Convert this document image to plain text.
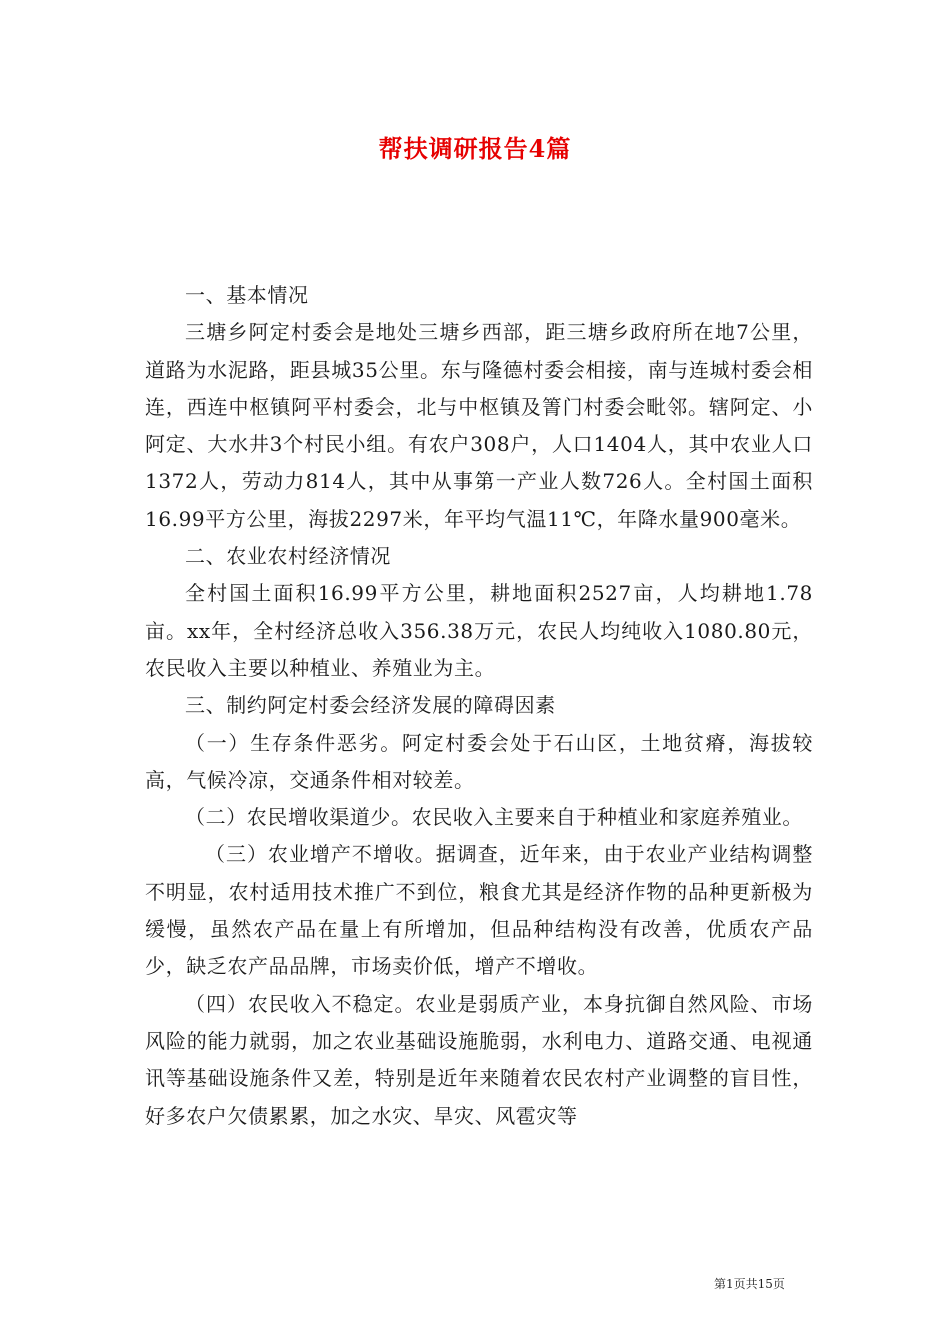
帮扶调研报告4篇

一、基本情况

三塘乡阿定村委会是地处三塘乡西部，距三塘乡政府所在地7公里，道路为水泥路，距县城35公里。东与隆德村委会相接，南与连城村委会相连，西连中枢镇阿平村委会，北与中枢镇及箐门村委会毗邻。辖阿定、小阿定、大水井3个村民小组。有农户308户，人口1404人，其中农业人口1372人，劳动力814人，其中从事第一产业人数726人。全村国土面积16.99平方公里，海拔2297米，年平均气温11℃，年降水量900毫米。

二、农业农村经济情况

全村国土面积16.99平方公里，耕地面积2527亩，人均耕地1.78亩。xx年，全村经济总收入356.38万元，农民人均纯收入1080.80元，农民收入主要以种植业、养殖业为主。

三、制约阿定村委会经济发展的障碍因素

（一）生存条件恶劣。阿定村委会处于石山区，土地贫瘠，海拔较高，气候冷凉，交通条件相对较差。

（二）农民增收渠道少。农民收入主要来自于种植业和家庭养殖业。

（三）农业增产不增收。据调查，近年来，由于农业产业结构调整不明显，农村适用技术推广不到位，粮食尤其是经济作物的品种更新极为缓慢，虽然农产品在量上有所增加，但品种结构没有改善，优质农产品少，缺乏农产品品牌，市场卖价低，增产不增收。

（四）农民收入不稳定。农业是弱质产业，本身抗御自然风险、市场风险的能力就弱，加之农业基础设施脆弱，水利电力、道路交通、电视通讯等基础设施条件又差，特别是近年来随着农民农村产业调整的盲目性，好多农户欠债累累，加之水灾、旱灾、风雹灾等

第1页共15页
